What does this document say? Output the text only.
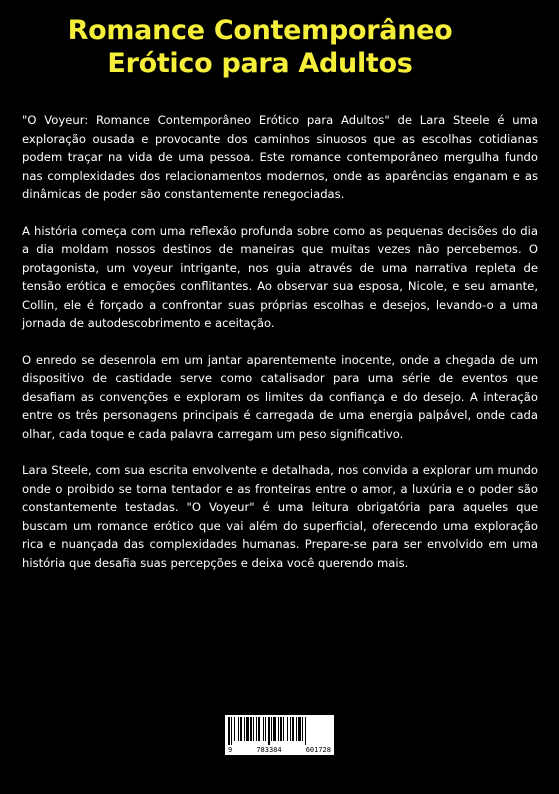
Romance Contemporâneo
Erótico para Adultos

"O Voyeur: Romance Contemporâneo Erótico para Adultos" de Lara Steele é uma exploração ousada e provocante dos caminhos sinuosos que as escolhas cotidianas podem traçar na vida de uma pessoa. Este romance contemporâneo mergulha fundo nas complexidades dos relacionamentos modernos, onde as aparências enganam e as dinâmicas de poder são constantemente renegociadas.

A história começa com uma reflexão profunda sobre como as pequenas decisões do dia a dia moldam nossos destinos de maneiras que muitas vezes não percebemos. O protagonista, um voyeur intrigante, nos guia através de uma narrativa repleta de tensão erótica e emoções conflitantes. Ao observar sua esposa, Nicole, e seu amante, Collin, ele é forçado a confrontar suas próprias escolhas e desejos, levando-o a uma jornada de autodescobrimento e aceitação.

O enredo se desenrola em um jantar aparentemente inocente, onde a chegada de um dispositivo de castidade serve como catalisador para uma série de eventos que desafiam as convenções e exploram os limites da confiança e do desejo. A interação entre os três personagens principais é carregada de uma energia palpável, onde cada olhar, cada toque e cada palavra carregam um peso significativo.

Lara Steele, com sua escrita envolvente e detalhada, nos convida a explorar um mundo onde o proibido se torna tentador e as fronteiras entre o amor, a luxúria e o poder são constantemente testadas. "O Voyeur" é uma leitura obrigatória para aqueles que buscam um romance erótico que vai além do superficial, oferecendo uma exploração rica e nuançada das complexidades humanas. Prepare-se para ser envolvido em uma história que desafia suas percepções e deixa você querendo mais.

9	783384	601728
